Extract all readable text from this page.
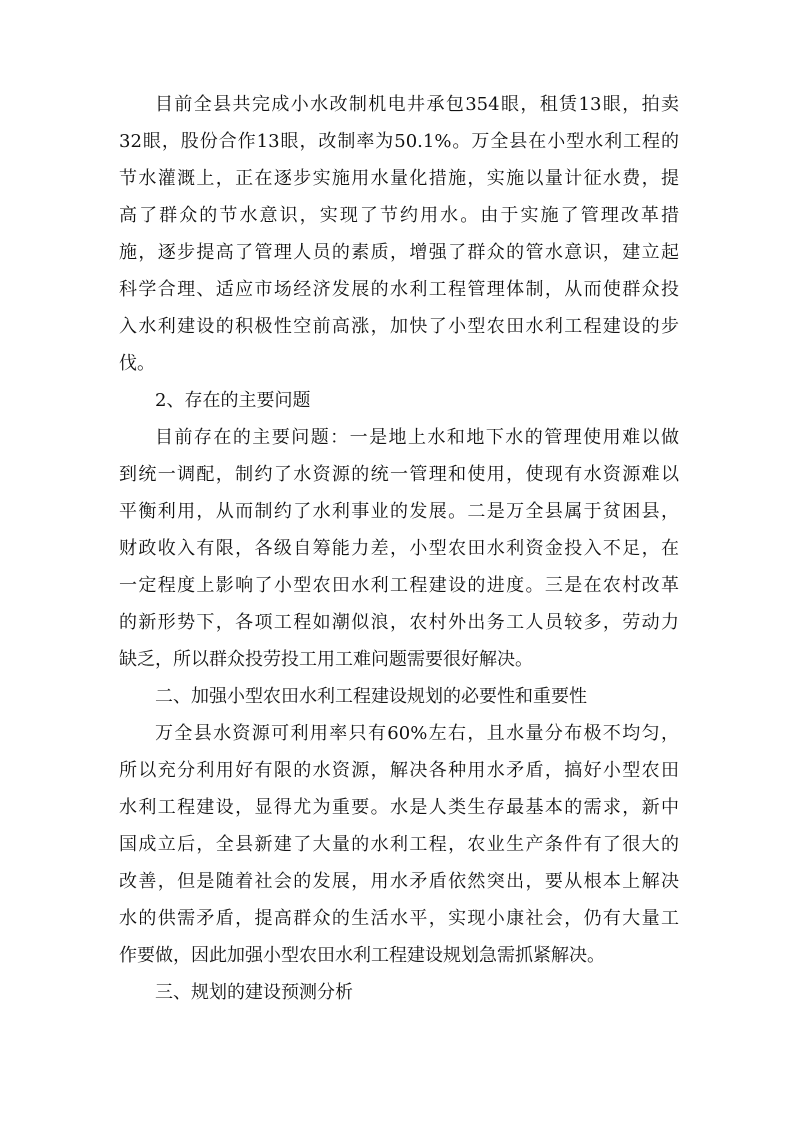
目前全县共完成小水改制机电井承包354眼，租赁13眼，拍卖
32眼，股份合作13眼，改制率为50.1%。万全县在小型水利工程的
节水灌溉上，正在逐步实施用水量化措施，实施以量计征水费，提
高了群众的节水意识，实现了节约用水。由于实施了管理改革措
施，逐步提高了管理人员的素质，增强了群众的管水意识，建立起
科学合理、适应市场经济发展的水利工程管理体制，从而使群众投
入水利建设的积极性空前高涨，加快了小型农田水利工程建设的步
伐。
2、存在的主要问题
目前存在的主要问题：一是地上水和地下水的管理使用难以做
到统一调配，制约了水资源的统一管理和使用，使现有水资源难以
平衡利用，从而制约了水利事业的发展。二是万全县属于贫困县，
财政收入有限，各级自筹能力差，小型农田水利资金投入不足，在
一定程度上影响了小型农田水利工程建设的进度。三是在农村改革
的新形势下，各项工程如潮似浪，农村外出务工人员较多，劳动力
缺乏，所以群众投劳投工用工难问题需要很好解决。
二、加强小型农田水利工程建设规划的必要性和重要性
万全县水资源可利用率只有60%左右，且水量分布极不均匀，
所以充分利用好有限的水资源，解决各种用水矛盾，搞好小型农田
水利工程建设，显得尤为重要。水是人类生存最基本的需求，新中
国成立后，全县新建了大量的水利工程，农业生产条件有了很大的
改善，但是随着社会的发展，用水矛盾依然突出，要从根本上解决
水的供需矛盾，提高群众的生活水平，实现小康社会，仍有大量工
作要做，因此加强小型农田水利工程建设规划急需抓紧解决。
三、规划的建设预测分析
